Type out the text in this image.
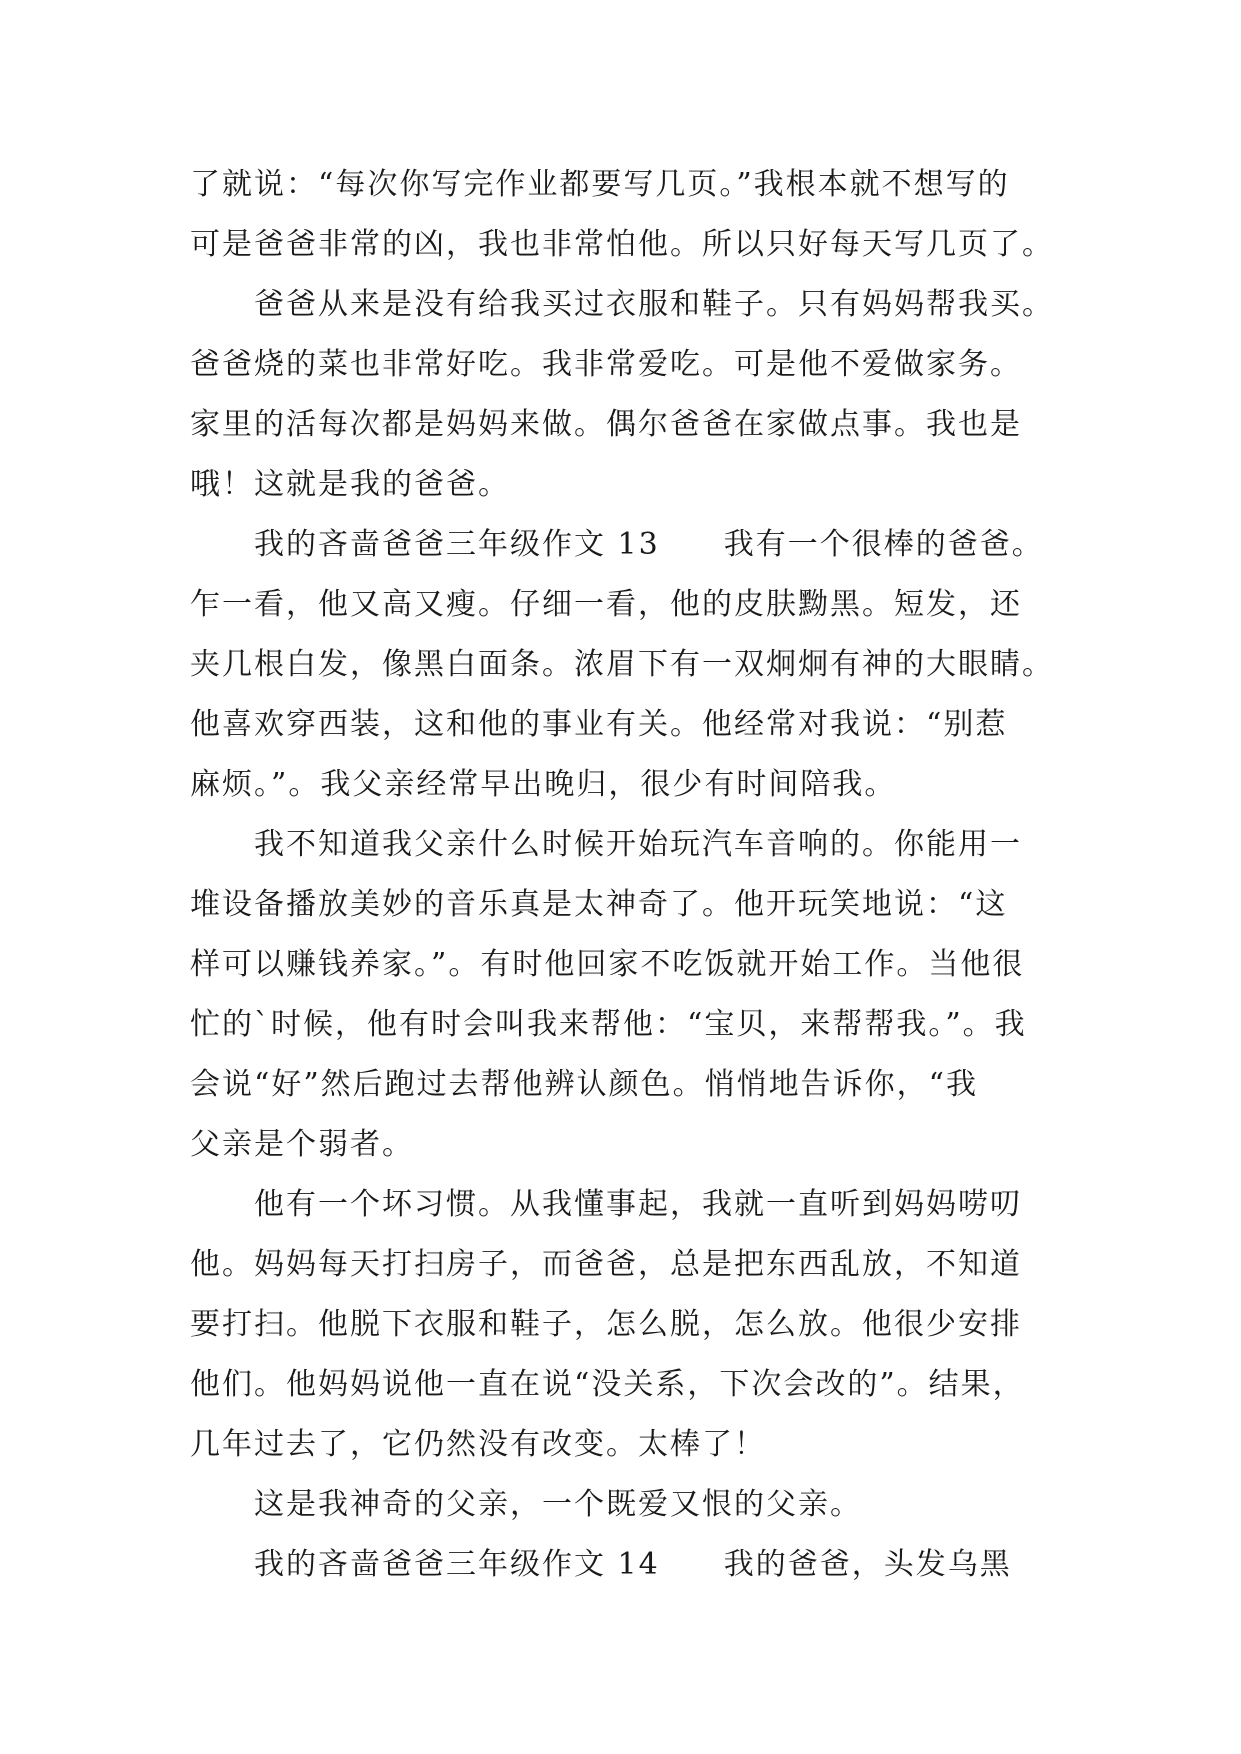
了就说：“每次你写完作业都要写几页。”我根本就不想写的
可是爸爸非常的凶，我也非常怕他。所以只好每天写几页了。
爸爸从来是没有给我买过衣服和鞋子。只有妈妈帮我买。
爸爸烧的菜也非常好吃。我非常爱吃。可是他不爱做家务。
家里的活每次都是妈妈来做。偶尔爸爸在家做点事。我也是
哦！这就是我的爸爸。
我的吝啬爸爸三年级作文 13　　我有一个很棒的爸爸。
乍一看，他又高又瘦。仔细一看，他的皮肤黝黑。短发，还
夹几根白发，像黑白面条。浓眉下有一双炯炯有神的大眼睛。
他喜欢穿西装，这和他的事业有关。他经常对我说：“别惹
麻烦。”。我父亲经常早出晚归，很少有时间陪我。
我不知道我父亲什么时候开始玩汽车音响的。你能用一
堆设备播放美妙的音乐真是太神奇了。他开玩笑地说：“这
样可以赚钱养家。”。有时他回家不吃饭就开始工作。当他很
忙的`时候，他有时会叫我来帮他：“宝贝，来帮帮我。”。我
会说“好”然后跑过去帮他辨认颜色。悄悄地告诉你，“我
父亲是个弱者。
他有一个坏习惯。从我懂事起，我就一直听到妈妈唠叨
他。妈妈每天打扫房子，而爸爸，总是把东西乱放，不知道
要打扫。他脱下衣服和鞋子，怎么脱，怎么放。他很少安排
他们。他妈妈说他一直在说“没关系，下次会改的”。结果，
几年过去了，它仍然没有改变。太棒了！
这是我神奇的父亲，一个既爱又恨的父亲。
我的吝啬爸爸三年级作文 14　　我的爸爸，头发乌黑
